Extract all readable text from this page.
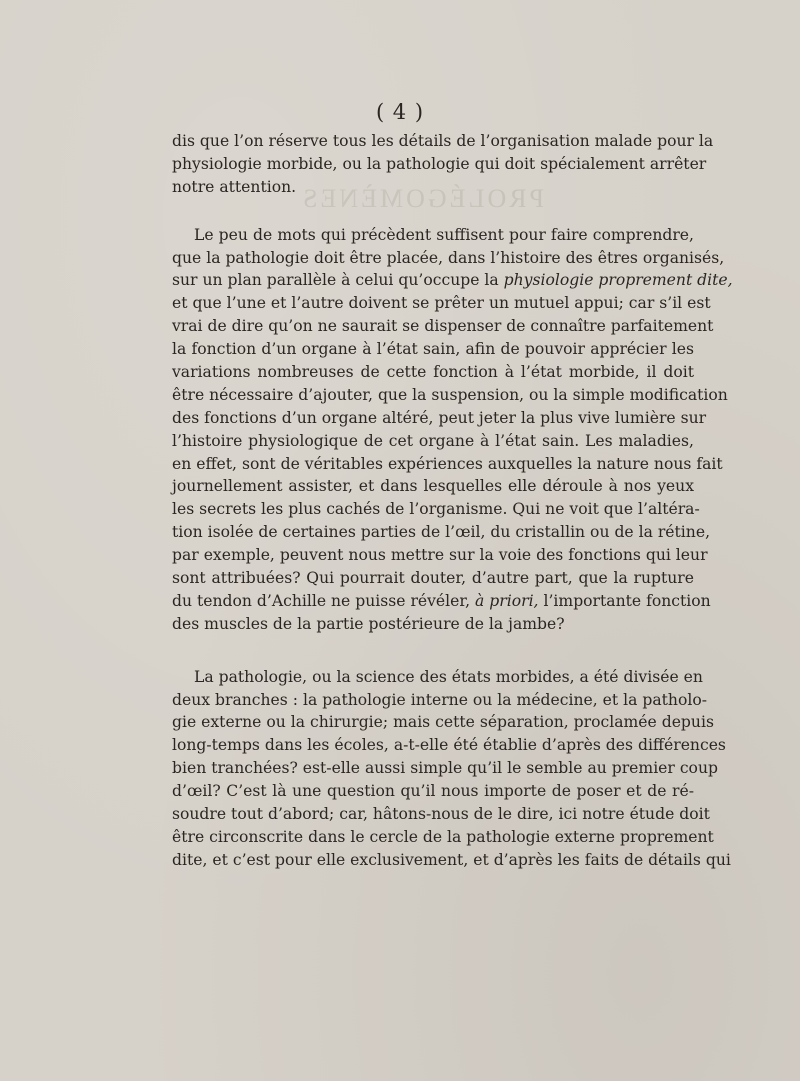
PROLÉGOMÈNES
( 4 )
dis que l’on réserve tous les détails de l’organisation malade pour la
physiologie morbide, ou la pathologie qui doit spécialement arrêter
notre attention.
Le peu de mots qui précèdent suffisent pour faire comprendre,
que la pathologie doit être placée, dans l’histoire des êtres organisés,
sur un plan parallèle à celui qu’occupe la physiologie proprement dite,
et que l’une et l’autre doivent se prêter un mutuel appui; car s’il est
vrai de dire qu’on ne saurait se dispenser de connaître parfaitement
la fonction d’un organe à l’état sain, afin de pouvoir apprécier les
variations nombreuses de cette fonction à l’état morbide, il doit
être nécessaire d’ajouter, que la suspension, ou la simple modification
des fonctions d’un organe altéré, peut jeter la plus vive lumière sur
l’histoire physiologique de cet organe à l’état sain. Les maladies,
en effet, sont de véritables expériences auxquelles la nature nous fait
journellement assister, et dans lesquelles elle déroule à nos yeux
les secrets les plus cachés de l’organisme. Qui ne voit que l’altéra-
tion isolée de certaines parties de l’œil, du cristallin ou de la rétine,
par exemple, peuvent nous mettre sur la voie des fonctions qui leur
sont attribuées? Qui pourrait douter, d’autre part, que la rupture
du tendon d’Achille ne puisse révéler, à priori, l’importante fonction
des muscles de la partie postérieure de la jambe?
La pathologie, ou la science des états morbides, a été divisée en
deux branches : la pathologie interne ou la médecine, et la patholo-
gie externe ou la chirurgie; mais cette séparation, proclamée depuis
long-temps dans les écoles, a-t-elle été établie d’après des différences
bien tranchées? est-elle aussi simple qu’il le semble au premier coup
d’œil? C’est là une question qu’il nous importe de poser et de ré-
soudre tout d’abord; car, hâtons-nous de le dire, ici notre étude doit
être circonscrite dans le cercle de la pathologie externe proprement
dite, et c’est pour elle exclusivement, et d’après les faits de détails qui
